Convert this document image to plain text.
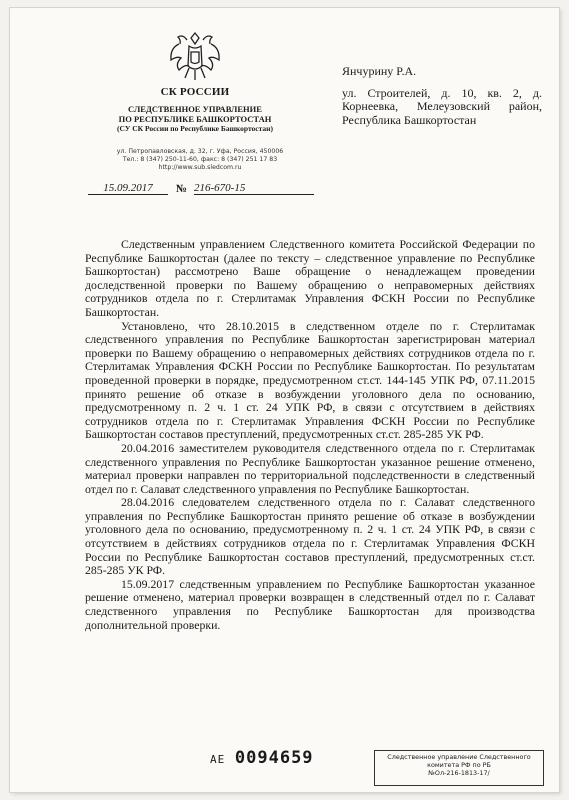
СК РОССИИ
СЛЕДСТВЕННОЕ УПРАВЛЕНИЕ
ПО РЕСПУБЛИКЕ БАШКОРТОСТАН
(СУ СК России по Республике Башкортостан)
ул. Петропавловская, д. 32, г. Уфа, Россия, 450006
Тел.: 8 (347) 250-11-60, факс: 8 (347) 251 17 83
http://www.sub.sledcom.ru
15.09.2017	№ 216-670-15
Янчурину Р.А.
ул. Строителей, д. 10, кв. 2, д. Корнеевка, Мелеузовский район, Республика Башкортостан

Следственным управлением Следственного комитета Российской Федерации по Республике Башкортостан (далее по тексту – следственное управление по Республике Башкортостан) рассмотрено Ваше обращение о ненадлежащем проведении доследственной проверки по Вашему обращению о неправомерных действиях сотрудников отдела по г. Стерлитамак Управления ФСКН России по Республике Башкортостан.

Установлено, что 28.10.2015 в следственном отделе по г. Стерлитамак следственного управления по Республике Башкортостан зарегистрирован материал проверки по Вашему обращению о неправомерных действиях сотрудников отдела по г. Стерлитамак Управления ФСКН России по Республике Башкортостан. По результатам проведенной проверки в порядке, предусмотренном ст.ст. 144-145 УПК РФ, 07.11.2015 принято решение об отказе в возбуждении уголовного дела по основанию, предусмотренному п. 2 ч. 1 ст. 24 УПК РФ, в связи с отсутствием в действиях сотрудников отдела по г. Стерлитамак Управления ФСКН России по Республике Башкортостан составов преступлений, предусмотренных ст.ст. 285-285 УК РФ.

20.04.2016 заместителем руководителя следственного отдела по г. Стерлитамак следственного управления по Республике Башкортостан указанное решение отменено, материал проверки направлен по территориальной подследственности в следственный отдел по г. Салават следственного управления по Республике Башкортостан.

28.04.2016 следователем следственного отдела по г. Салават следственного управления по Республике Башкортостан принято решение об отказе в возбуждении уголовного дела по основанию, предусмотренному п. 2 ч. 1 ст. 24 УПК РФ, в связи с отсутствием в действиях сотрудников отдела по г. Стерлитамак Управления ФСКН России по Республике Башкортостан составов преступлений, предусмотренных ст.ст. 285-285 УК РФ.

15.09.2017 следственным управлением по Республике Башкортостан указанное решение отменено, материал проверки возвращен в следственный отдел по г. Салават следственного управления по Республике Башкортостан для производства дополнительной проверки.

АЕ 0094659	Следственное управление Следственного
комитета РФ по РБ
№Ол-216-1813-17/
